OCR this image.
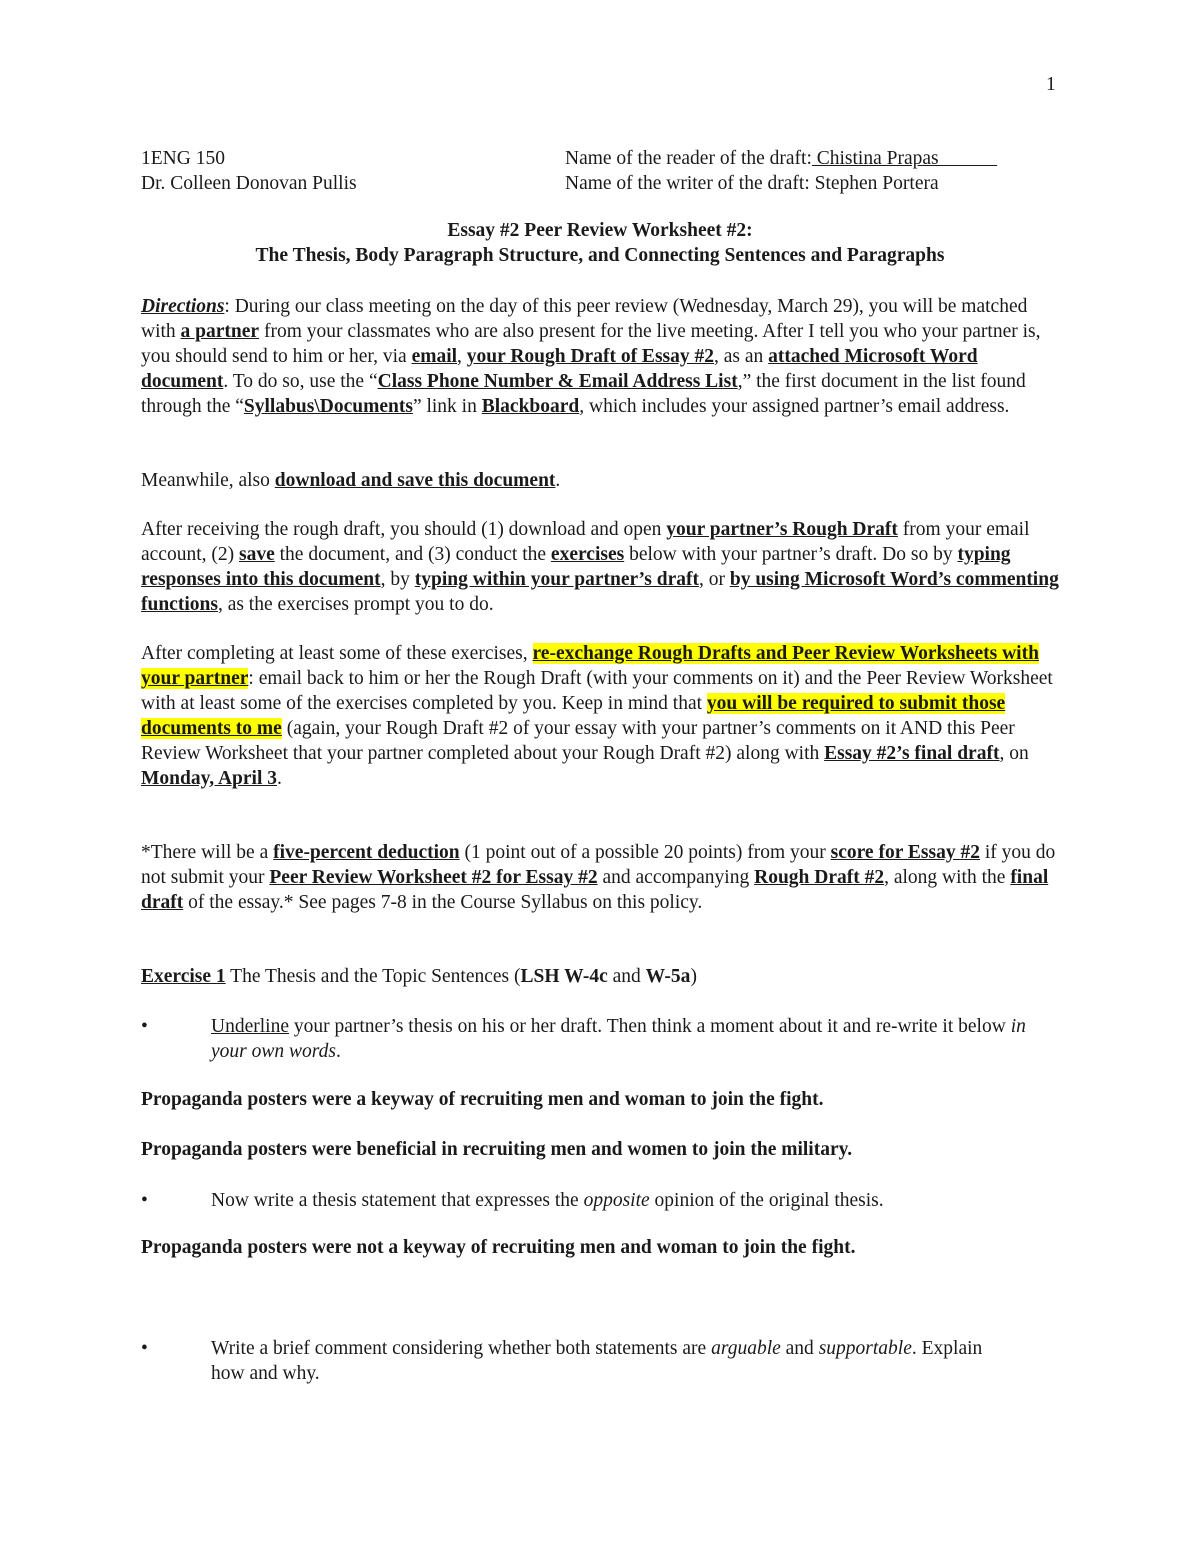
1
1ENG 150
Dr. Colleen Donovan Pullis
Name of the reader of the draft: Chistina Prapas
Name of the writer of the draft: Stephen Portera
Essay #2 Peer Review Worksheet #2:
The Thesis, Body Paragraph Structure, and Connecting Sentences and Paragraphs
Directions: During our class meeting on the day of this peer review (Wednesday, March 29), you will be matched with a partner from your classmates who are also present for the live meeting. After I tell you who your partner is, you should send to him or her, via email, your Rough Draft of Essay #2, as an attached Microsoft Word document. To do so, use the “Class Phone Number & Email Address List,” the first document in the list found through the “Syllabus\Documents” link in Blackboard, which includes your assigned partner’s email address.
Meanwhile, also download and save this document.
After receiving the rough draft, you should (1) download and open your partner’s Rough Draft from your email account, (2) save the document, and (3) conduct the exercises below with your partner’s draft. Do so by typing responses into this document, by typing within your partner’s draft, or by using Microsoft Word’s commenting functions, as the exercises prompt you to do.
After completing at least some of these exercises, re-exchange Rough Drafts and Peer Review Worksheets with your partner: email back to him or her the Rough Draft (with your comments on it) and the Peer Review Worksheet with at least some of the exercises completed by you. Keep in mind that you will be required to submit those documents to me (again, your Rough Draft #2 of your essay with your partner’s comments on it AND this Peer Review Worksheet that your partner completed about your Rough Draft #2) along with Essay #2’s final draft, on Monday, April 3.
*There will be a five-percent deduction (1 point out of a possible 20 points) from your score for Essay #2 if you do not submit your Peer Review Worksheet #2 for Essay #2 and accompanying Rough Draft #2, along with the final draft of the essay.* See pages 7-8 in the Course Syllabus on this policy.
Exercise 1 The Thesis and the Topic Sentences (LSH W-4c and W-5a)
•	Underline your partner’s thesis on his or her draft. Then think a moment about it and re-write it below in your own words.
Propaganda posters were a keyway of recruiting men and woman to join the fight.
Propaganda posters were beneficial in recruiting men and women to join the military.
•	Now write a thesis statement that expresses the opposite opinion of the original thesis.
Propaganda posters were not a keyway of recruiting men and woman to join the fight.
•	Write a brief comment considering whether both statements are arguable and supportable. Explain how and why.
